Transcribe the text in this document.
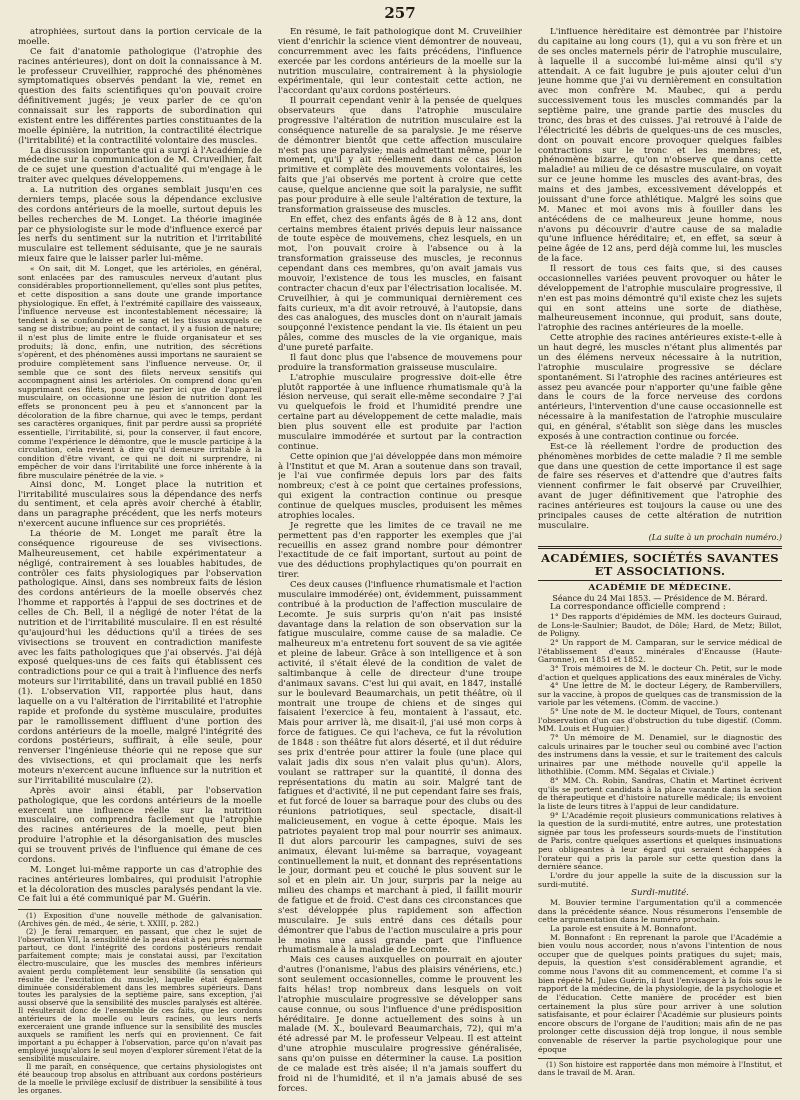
257

atrophiées, surtout dans la portion cervicale de la moelle.

Ce fait d'anatomie pathologique (l'atrophie des racines antérieures), dont on doit la connaissance à M. le professeur Cruveilhier, rapproché des phénomènes symptomatiques observés pendant la vie, remet en question des faits scientifiques qu'on pouvait croire définitivement jugés; je veux parler de ce qu'on connaissait sur les rapports de subordination qui existent entre les différentes parties constituantes de la moelle épinière, la nutrition, la contractilité électrique (l'irritabilité) et la contractilité volontaire des muscles.

La discussion importante qui a surgi à l'Académie de médecine sur la communication de M. Cruveilhier, fait de ce sujet une question d'actualité qui m'engage à le traiter avec quelques développemens.

a. La nutrition des organes semblait jusqu'en ces derniers temps, placée sous la dépendance exclusive des cordons antérieurs de la moelle, surtout depuis les belles recherches de M. Longet. La théorie imaginée par ce physiologiste sur le mode d'influence exercé par les nerfs du sentiment sur la nutrition et l'irritabilité musculaire est tellement séduisante, que je ne saurais mieux faire que le laisser parler lui-même.

« On sait, dit M. Longet, que les artérioles, en général, sont enlacées par des ramuscules nerveux d'autant plus considérables proportionnellement, qu'elles sont plus petites, et cette disposition a sans doute une grande importance physiologique. En effet, à l'extrémité capillaire des vaisseaux, l'influence nerveuse est incontestablement nécessaire; là tendent à se confondre et le sang et les tissus auxquels ce sang se distribue; au point de contact, il y a fusion de nature; il n'est plus de limite entre le fluide organisateur et ses produits; là donc, enfin, une nutrition, des sécrétions s'opèrent, et des phénomènes aussi importans ne sauraient se produire complètement sans l'influence nerveuse. Or, il semble que ce sont des filets nerveux sensitifs qui accompagnent ainsi les artérioles. On comprend donc qu'en supprimant ces filets, pour ne parler ici que de l'appareil musculaire, on occasionne une lésion de nutrition dont les effets se prononcent peu à peu et s'annoncent par la décoloration de la fibre charnue, qui avec le temps, perdant ses caractères organiques, finit par perdre aussi sa propriété essentielle, l'irritabilité, si, pour la conserver, il faut encore, comme l'expérience le démontre, que le muscle participe à la circulation, cela revient à dire qu'il demeure irritable à la condition d'être vivant, ce qui ne doit ni surprendre, ni empêcher de voir dans l'irritabilité une force inhérente à la fibre musculaire pénétrée de la vie. »

Ainsi donc, M. Longet place la nutrition et l'irritabilité musculaires sous la dépendance des nerfs du sentiment, et cela après avoir cherché à établir, dans un paragraphe précédent, que les nerfs moteurs n'exercent aucune influence sur ces propriétés.

La théorie de M. Longet me paraît être la conséquence rigoureuse de ses vivisections. Malheureusement, cet habile expérimentateur a négligé, contrairement à ses louables habitudes, de contrôler ces faits physiologiques par l'observation pathologique. Ainsi, dans ses nombreux faits de lésion des cordons antérieurs de la moelle observés chez l'homme et rapportés à l'appui de ses doctrines et de celles de Ch. Bell, il a négligé de noter l'état de la nutrition et de l'irritabilité musculaire. Il en est résulté qu'aujourd'hui les déductions qu'il a tirées de ses vivisections se trouvent en contradiction manifeste avec les faits pathologiques que j'ai observés. J'ai déjà exposé quelques-uns de ces faits qui établissent ces contradictions pour ce qui a trait à l'influence des nerfs moteurs sur l'irritabilité, dans un travail publié en 1850 (1). L'observation VII, rapportée plus haut, dans laquelle on a vu l'altération de l'irritabilité et l'atrophie rapide et profonde du système musculaire, produites par le ramollissement diffluent d'une portion des cordons antérieurs de la moelle, malgré l'intégrité des cordons postérieurs, suffirait, à elle seule, pour renverser l'ingénieuse théorie qui ne repose que sur des vivisections, et qui proclamait que les nerfs moteurs n'exercent aucune influence sur la nutrition et sur l'irritabilité musculaire (2).

Après avoir ainsi établi, par l'observation pathologique, que les cordons antérieurs de la moelle exercent une influence réelle sur la nutrition musculaire, on comprendra facilement que l'atrophie des racines antérieures de la moelle, peut bien produire l'atrophie et la désorganisation des muscles qui se trouvent privés de l'influence qui émane de ces cordons.

M. Longet lui-même rapporte un cas d'atrophie des racines antérieures lombaires, qui produisit l'atrophie et la décoloration des muscles paralysés pendant la vie. Ce fait lui a été communiqué par M. Guérin.

(1) Exposition d'une nouvelle méthode de galvanisation. (Archives gén. de méd., 4e série, t. XXIII, p. 282.)

(2) Je ferai remarquer, en passant, que chez le sujet de l'observation VII, la sensibilité de la peau était à peu près normale partout, ce dont l'intégrité des cordons postérieurs rendait parfaitement compte; mais je constatai aussi, par l'excitation électro-musculaire, que les muscles des membres inférieurs avaient perdu complètement leur sensibilité (la sensation qui résulte de l'excitation du muscle), laquelle était également diminuée considérablement dans les membres supérieurs. Dans toutes les paralysies de la septième paire, sans exception, j'ai aussi observé que la sensibilité des muscles paralysés est altérée. Il résulterait donc de l'ensemble de ces faits, que les cordons antérieurs de la moelle ou leurs racines, ou leurs nerfs exerceraient une grande influence sur la sensibilité des muscles auxquels se ramifient les nerfs qui en proviennent. Ce fait important a pu échapper à l'observation, parce qu'on n'avait pas employé jusqu'alors le seul moyen d'explorer sûrement l'état de la sensibilité musculaire.

Il me paraît, en conséquence, que certains physiologistes ont été beaucoup trop absolus en attribuant aux cordons postérieurs de la moelle le privilège exclusif de distribuer la sensibilité à tous les organes.

En résumé, le fait pathologique dont M. Cruveilhier vient d'enrichir la science vient démontrer de nouveau, concurremment avec les faits précédens, l'influence exercée par les cordons antérieurs de la moelle sur la nutrition musculaire, contrairement à la physiologie expérimentale, qui leur contestait cette action, ne l'accordant qu'aux cordons postérieurs.

Il pourrait cependant venir à la pensée de quelques observateurs que dans l'atrophie musculaire progressive l'altération de nutrition musculaire est la conséquence naturelle de sa paralysie. Je me réserve de démontrer bientôt que cette affection musculaire n'est pas une paralysie; mais admettant même, pour le moment, qu'il y ait réellement dans ce cas lésion primitive et complète des mouvements volontaires, les faits que j'ai observés me portent à croire que cette cause, quelque ancienne que soit la paralysie, ne suffit pas pour produire à elle seule l'altération de texture, la transformation graisseuse des muscles.

En effet, chez des enfants âgés de 8 à 12 ans, dont certains membres étaient privés depuis leur naissance de toute espèce de mouvemens, chez lesquels, en un mot, l'on pouvait croire à l'absence ou à la transformation graisseuse des muscles, je reconnus cependant dans ces membres, qu'on avait jamais vus mouvoir, l'existence de tous les muscles, en faisant contracter chacun d'eux par l'électrisation localisée. M. Cruveilhier, à qui je communiquai dernièrement ces faits curieux, m'a dit avoir retrouvé, à l'autopsie, dans des cas analogues, des muscles dont on n'aurait jamais soupçonné l'existence pendant la vie. Ils étaient un peu pâles, comme des muscles de la vie organique, mais d'une pureté parfaite.

Il faut donc plus que l'absence de mouvemens pour produire la transformation graisseuse musculaire.

L'atrophie musculaire progressive doit-elle être plutôt rapportée à une influence rhumatismale qu'à la lésion nerveuse, qui serait elle-même secondaire ? J'ai vu quelquefois le froid et l'humidité prendre une certaine part au développement de cette maladie, mais bien plus souvent elle est produite par l'action musculaire immodérée et surtout par la contraction continue.

Cette opinion que j'ai développée dans mon mémoire à l'Institut et que M. Aran a soutenue dans son travail, je l'ai vue confirmée depuis lors par des faits nombreux; c'est à ce point que certaines professions, qui exigent la contraction continue ou presque continue de quelques muscles, produisent les mêmes atrophies locales.

Je regrette que les limites de ce travail ne me permettent pas d'en rapporter les exemples que j'ai recueillis en assez grand nombre pour démontrer l'exactitude de ce fait important, surtout au point de vue des déductions prophylactiques qu'on pourrait en tirer.

Ces deux causes (l'influence rhumatismale et l'action musculaire immodérée) ont, évidemment, puissamment contribué à la production de l'affection musculaire de Lecomte. Je suis surpris qu'on n'ait pas insisté davantage dans la relation de son observation sur la fatigue musculaire, comme cause de sa maladie. Ce malheureux m'a entretenu fort souvent de sa vie agitée et pleine de labeur. Grâce à son intelligence et à son activité, il s'était élevé de la condition de valet de saltimbanque à celle de directeur d'une troupe d'animaux savans. C'est lui qui avait, en 1847, installé sur le boulevard Beaumarchais, un petit théâtre, où il montrait une troupe de chiens et de singes qui faisaient l'exercice à feu, montaient à l'assaut, etc. Mais pour arriver là, me disait-il, j'ai usé mon corps à force de fatigues. Ce qui l'acheva, ce fut la révolution de 1848 : son théâtre fut alors déserté, et il dut réduire ses prix d'entrée pour attirer la foule (une place qui valait jadis dix sous n'en valait plus qu'un). Alors, voulant se rattraper sur la quantité, il donna des représentations du matin au soir. Malgré tant de fatigues et d'activité, il ne put cependant faire ses frais, et fut forcé de louer sa barraque pour des clubs ou des réunions patriotiques, seul spectacle, disait-il malicieusement, en vogue à cette époque. Mais les patriotes payaient trop mal pour nourrir ses animaux. Il dut alors parcourir les campagnes, suivi de ses animaux, élevant lui-même sa barraque, voyageant continuellement la nuit, et donnant des représentations le jour, dormant peu et couché le plus souvent sur le sol et en plein air. Un jour, surpris par la neige au milieu des champs et marchant à pied, il faillit mourir de fatigue et de froid. C'est dans ces circonstances que s'est développée plus rapidement son affection musculaire. Je suis entré dans ces détails pour démontrer que l'abus de l'action musculaire a pris pour le moins une aussi grande part que l'influence rhumatismale à la maladie de Lecomte.

Mais ces causes auxquelles on pourrait en ajouter d'autres (l'onanisme, l'abus des plaisirs vénériens, etc.) sont seulement occasionnelles, comme le prouvent les faits hélas! trop nombreux dans lesquels on voit l'atrophie musculaire progressive se développer sans cause connue, ou sous l'influence d'une prédisposition héréditaire. Je donne actuellement des soins à un malade (M. X., boulevard Beaumarchais, 72), qui m'a été adressé par M. le professeur Velpeau. Il est atteint d'une atrophie musculaire progressive généralisée, sans qu'on puisse en déterminer la cause. La position de ce malade est très aisée; il n'a jamais souffert du froid ni de l'humidité, et il n'a jamais abusé de ses forces.

L'influence héréditaire est démontrée par l'histoire du capitaine au long cours (1), qui a vu son frère et un de ses oncles maternels périr de l'atrophie musculaire, à laquelle il a succombé lui-même ainsi qu'il s'y attendait. A ce fait lugubre je puis ajouter celui d'un jeune homme que j'ai vu dernièrement en consultation avec mon confrère M. Maubec, qui a perdu successivement tous les muscles commandés par la septième paire, une grande partie des muscles du tronc, des bras et des cuisses. J'ai retrouvé à l'aide de l'électricité les débris de quelques-uns de ces muscles, dont on pouvait encore provoquer quelques faibles contractions sur le tronc et les membres; et, phénomène bizarre, qu'on n'observe que dans cette maladie! au milieu de ce désastre musculaire, on voyait sur ce jeune homme les muscles des avant-bras, des mains et des jambes, excessivement développés et jouissant d'une force athlétique. Malgré les soins que M. Manec et moi avons mis à fouiller dans les antécédens de ce malheureux jeune homme, nous n'avons pu découvrir d'autre cause de sa maladie qu'une influence héréditaire; et, en effet, sa sœur à peine âgée de 12 ans, perd déjà comme lui, les muscles de la face.

Il ressort de tous ces faits que, si des causes occasionnelles variées peuvent provoquer ou hâter le développement de l'atrophie musculaire progressive, il n'en est pas moins démontré qu'il existe chez les sujets qui en sont atteins une sorte de diathèse, malheureusement inconnue, qui produit, sans doute, l'atrophie des racines antérieures de la moelle.

Cette atrophie des racines antérieures existe-t-elle à un haut degré, les muscles n'étant plus alimentés par un des élémens nerveux nécessaire à la nutrition, l'atrophie musculaire progressive se déclare spontanément. Si l'atrophie des racines antérieures est assez peu avancée pour n'apporter qu'une faible gêne dans le cours de la force nerveuse des cordons antérieurs, l'intervention d'une cause occasionnelle est nécessaire à la manifestation de l'atrophie musculaire qui, en général, s'établit son siège dans les muscles exposés à une contraction continue ou forcée.

Est-ce là réellement l'ordre de production des phénomènes morbides de cette maladie ? Il me semble que dans une question de cette importance il est sage de faire ses réserves et d'attendre que d'autres faits viennent confirmer le fait observé par Cruveilhier, avant de juger définitivement que l'atrophie des racines antérieures est toujours la cause ou une des principales causes de cette altération de nutrition musculaire.

(La suite à un prochain numéro.)
ACADÉMIES, SOCIÉTÉS SAVANTES ET ASSOCIATIONS.

ACADÉMIE DE MÉDECINE.

Séance du 24 Mai 1853. — Présidence de M. Bérard.

La correspondance officielle comprend :

1° Des rapports d'épidémies de MM. les docteurs Guiraud, de Lons-le-Saulnier; Baudot, de Dôle; Hard, de Metz; Billot, de Poligny.

2° Un rapport de M. Camparan, sur le service médical de l'établissement d'eaux minérales d'Encausse (Haute-Garonne), en 1851 et 1852.

3° Trois mémoires de M. le docteur Ch. Petit, sur le mode d'action et quelques applications des eaux minérales de Vichy.

4° Une lettre de M. le docteur Légery, de Rambervillers, sur la vaccine, à propos de quelques cas de transmission de la variole par les vétemens. (Comm. de vaccine.)

5° Une note de M. le docteur Miquel, de Tours, contenant l'observation d'un cas d'obstruction du tube digestif. (Comm. MM. Louis et Huguier.)

7° Un mémoire de M. Denamiel, sur le diagnostic des calculs urinaires par le toucher seul ou combiné avec l'action des instrumens dans la vessie, et sur le traitement des calculs urinaires par une méthode nouvelle qu'il appelle la lithothlibie. (Comm. MM. Ségalas et Civiale.)

8° MM. Ch. Robin, Sandras, Chatin et Martinet écrivent qu'ils se portent candidats à la place vacante dans la section de thérapeutique et d'histoire naturelle médicale; ils envoient la liste de leurs titres à l'appui de leur candidature.

9° L'Académie reçoit plusieurs communications relatives à la question de la surdi-mutité, entre autres, une protestation signée par tous les professeurs sourds-muets de l'institution de Paris, contre quelques assertions et quelques insinuations peu obligeantes à leur égard qui seraient échappées à l'orateur qui a pris la parole sur cette question dans la dernière séance.

L'ordre du jour appelle la suite de la discussion sur la surdi-mutité.

Surdi-mutité.

M. Bouvier termine l'argumentation qu'il a commencée dans la précédente séance. Nous résumerons l'ensemble de cette argumentation dans le numéro prochain.

La parole est ensuite à M. Bonnafont.

M. Bonnafont : En reprenant la parole que l'Académie a bien voulu nous accorder, nous n'avons l'intention de nous occuper que de quelques points pratiques du sujet; mais, depuis, la question s'est considérablement agrandie, et comme nous l'avons dit au commencement, et comme l'a si bien répété M. Jules Guérin, il faut l'envisager à la fois sous le rapport de la médecine, de la physiologie, de la psychologie et de l'éducation. Cette manière de procéder est bien certainement la plus sûre pour arriver à une solution satisfaisante, et pour éclairer l'Académie sur plusieurs points encore obscurs de l'organe de l'audition; mais afin de ne pas prolonger cette discussion déjà trop longue, il nous semble convenable de réserver la partie psychologique pour une époque

(1) Son histoire est rapportée dans mon mémoire à l'Institut, et dans le travail de M. Aran.
